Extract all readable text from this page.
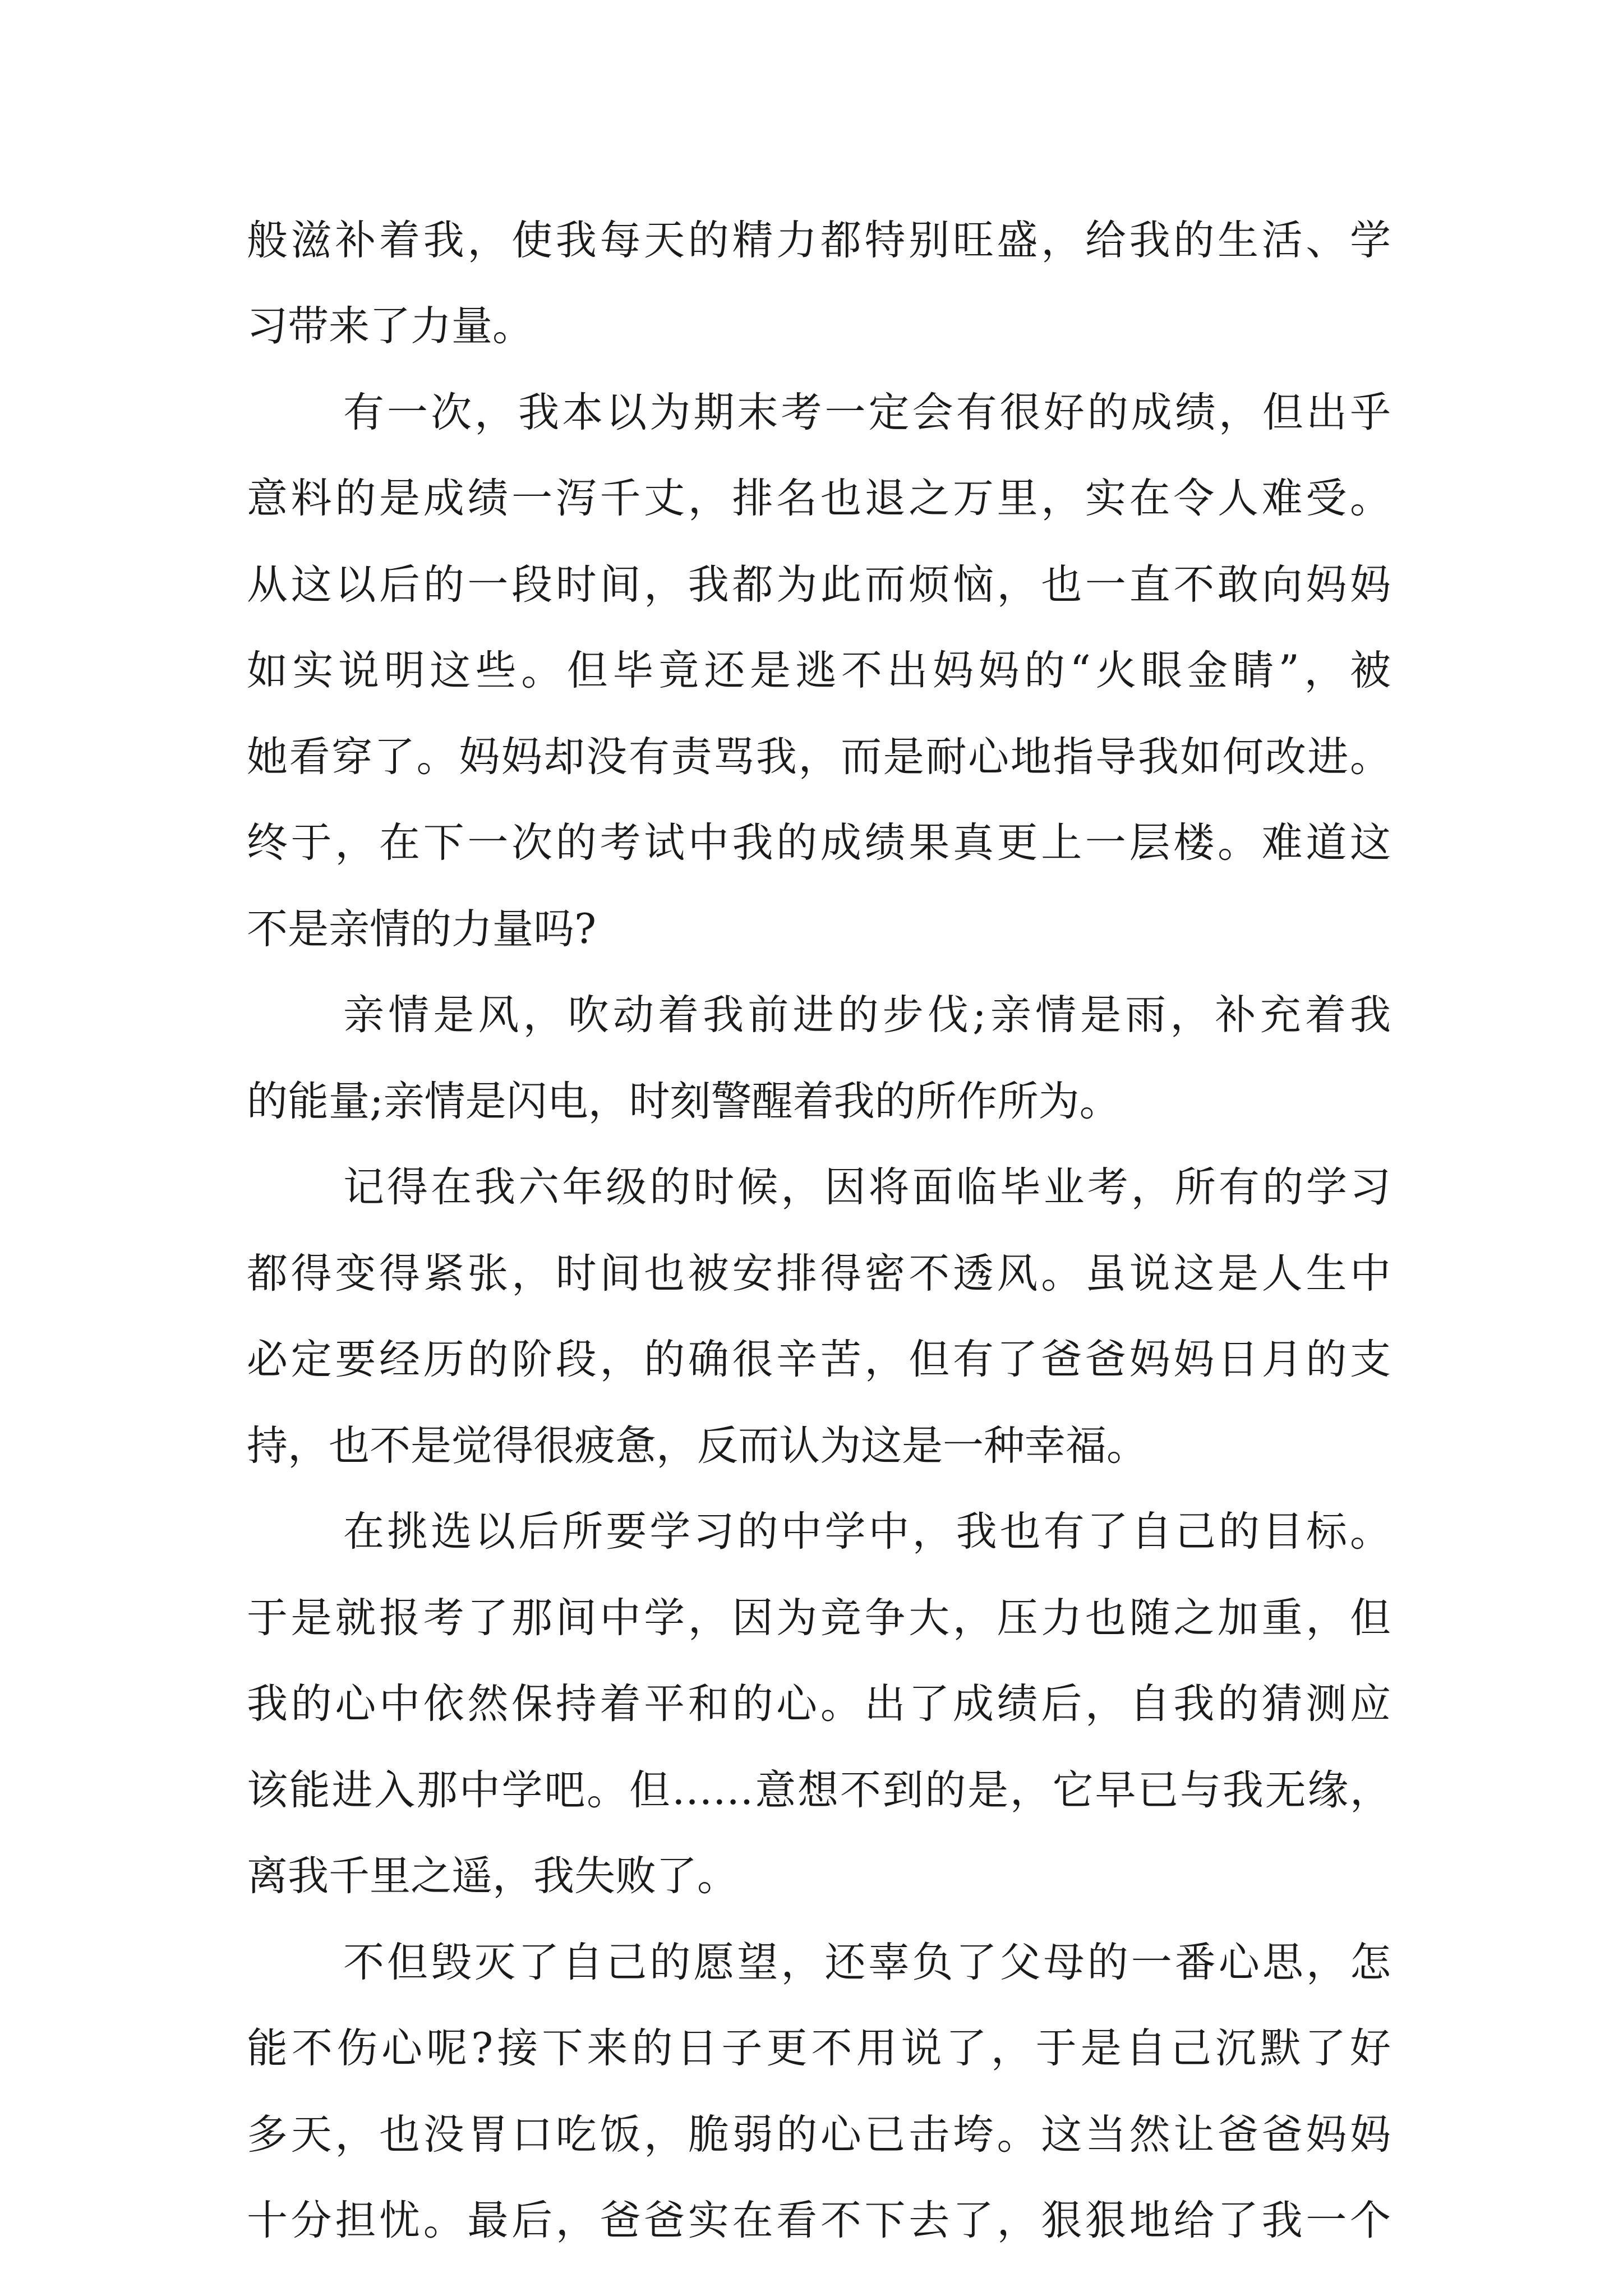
般滋补着我，使我每天的精力都特别旺盛，给我的生活、学
习带来了力量。
有一次，我本以为期末考一定会有很好的成绩，但出乎
意料的是成绩一泻千丈，排名也退之万里，实在令人难受。
从这以后的一段时间，我都为此而烦恼，也一直不敢向妈妈
如实说明这些。但毕竟还是逃不出妈妈的“火眼金睛”，被
她看穿了。妈妈却没有责骂我，而是耐心地指导我如何改进。
终于，在下一次的考试中我的成绩果真更上一层楼。难道这
不是亲情的力量吗?
亲情是风，吹动着我前进的步伐;亲情是雨，补充着我
的能量;亲情是闪电，时刻警醒着我的所作所为。
记得在我六年级的时候，因将面临毕业考，所有的学习
都得变得紧张，时间也被安排得密不透风。虽说这是人生中
必定要经历的阶段，的确很辛苦，但有了爸爸妈妈日月的支
持，也不是觉得很疲惫，反而认为这是一种幸福。
在挑选以后所要学习的中学中，我也有了自己的目标。
于是就报考了那间中学，因为竞争大，压力也随之加重，但
我的心中依然保持着平和的心。出了成绩后，自我的猜测应
该能进入那中学吧。但……意想不到的是，它早已与我无缘，
离我千里之遥，我失败了。
不但毁灭了自己的愿望，还辜负了父母的一番心思，怎
能不伤心呢?接下来的日子更不用说了，于是自己沉默了好
多天，也没胃口吃饭，脆弱的心已击垮。这当然让爸爸妈妈
十分担忧。最后，爸爸实在看不下去了，狠狠地给了我一个
